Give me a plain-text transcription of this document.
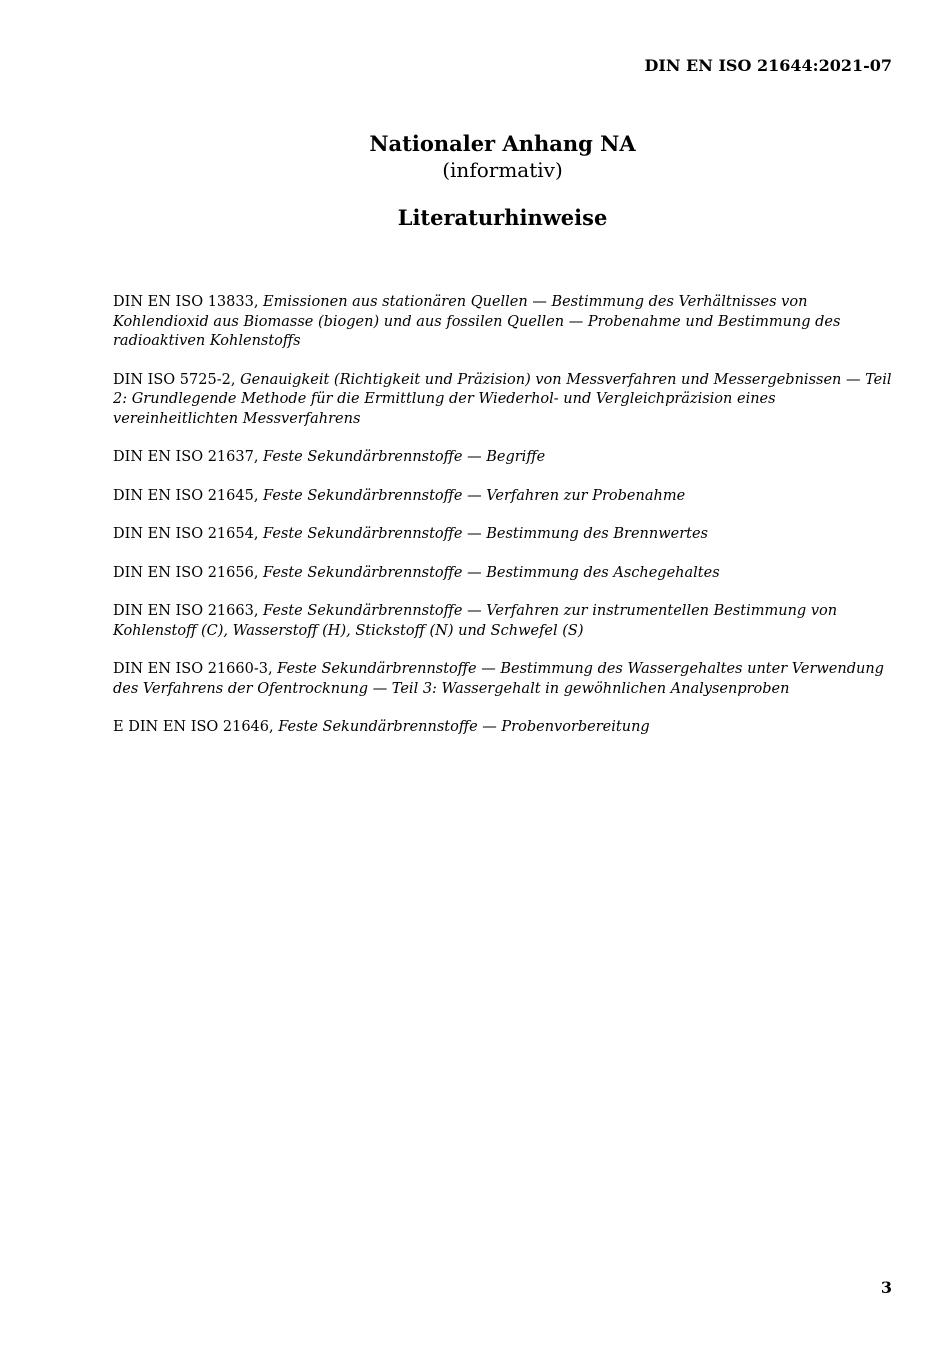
DIN EN ISO 21644:2021-07

Nationaler Anhang NA

(informativ)

Literaturhinweise

DIN EN ISO 13833, Emissionen aus stationären Quellen — Bestimmung des Verhältnisses von Kohlendioxid aus Biomasse (biogen) und aus fossilen Quellen — Probenahme und Bestimmung des radioaktiven Kohlenstoffs
DIN ISO 5725-2, Genauigkeit (Richtigkeit und Präzision) von Messverfahren und Messergebnissen — Teil 2: Grundlegende Methode für die Ermittlung der Wiederhol- und Vergleichpräzision eines vereinheitlichten Messverfahrens
DIN EN ISO 21637, Feste Sekundärbrennstoffe — Begriffe
DIN EN ISO 21645, Feste Sekundärbrennstoffe — Verfahren zur Probenahme
DIN EN ISO 21654, Feste Sekundärbrennstoffe — Bestimmung des Brennwertes
DIN EN ISO 21656, Feste Sekundärbrennstoffe — Bestimmung des Aschegehaltes
DIN EN ISO 21663, Feste Sekundärbrennstoffe — Verfahren zur instrumentellen Bestimmung von Kohlenstoff (C), Wasserstoff (H), Stickstoff (N) und Schwefel (S)
DIN EN ISO 21660-3, Feste Sekundärbrennstoffe — Bestimmung des Wassergehaltes unter Verwendung des Verfahrens der Ofentrocknung — Teil 3: Wassergehalt in gewöhnlichen Analysenproben
E DIN EN ISO 21646, Feste Sekundärbrennstoffe — Probenvorbereitung

3
